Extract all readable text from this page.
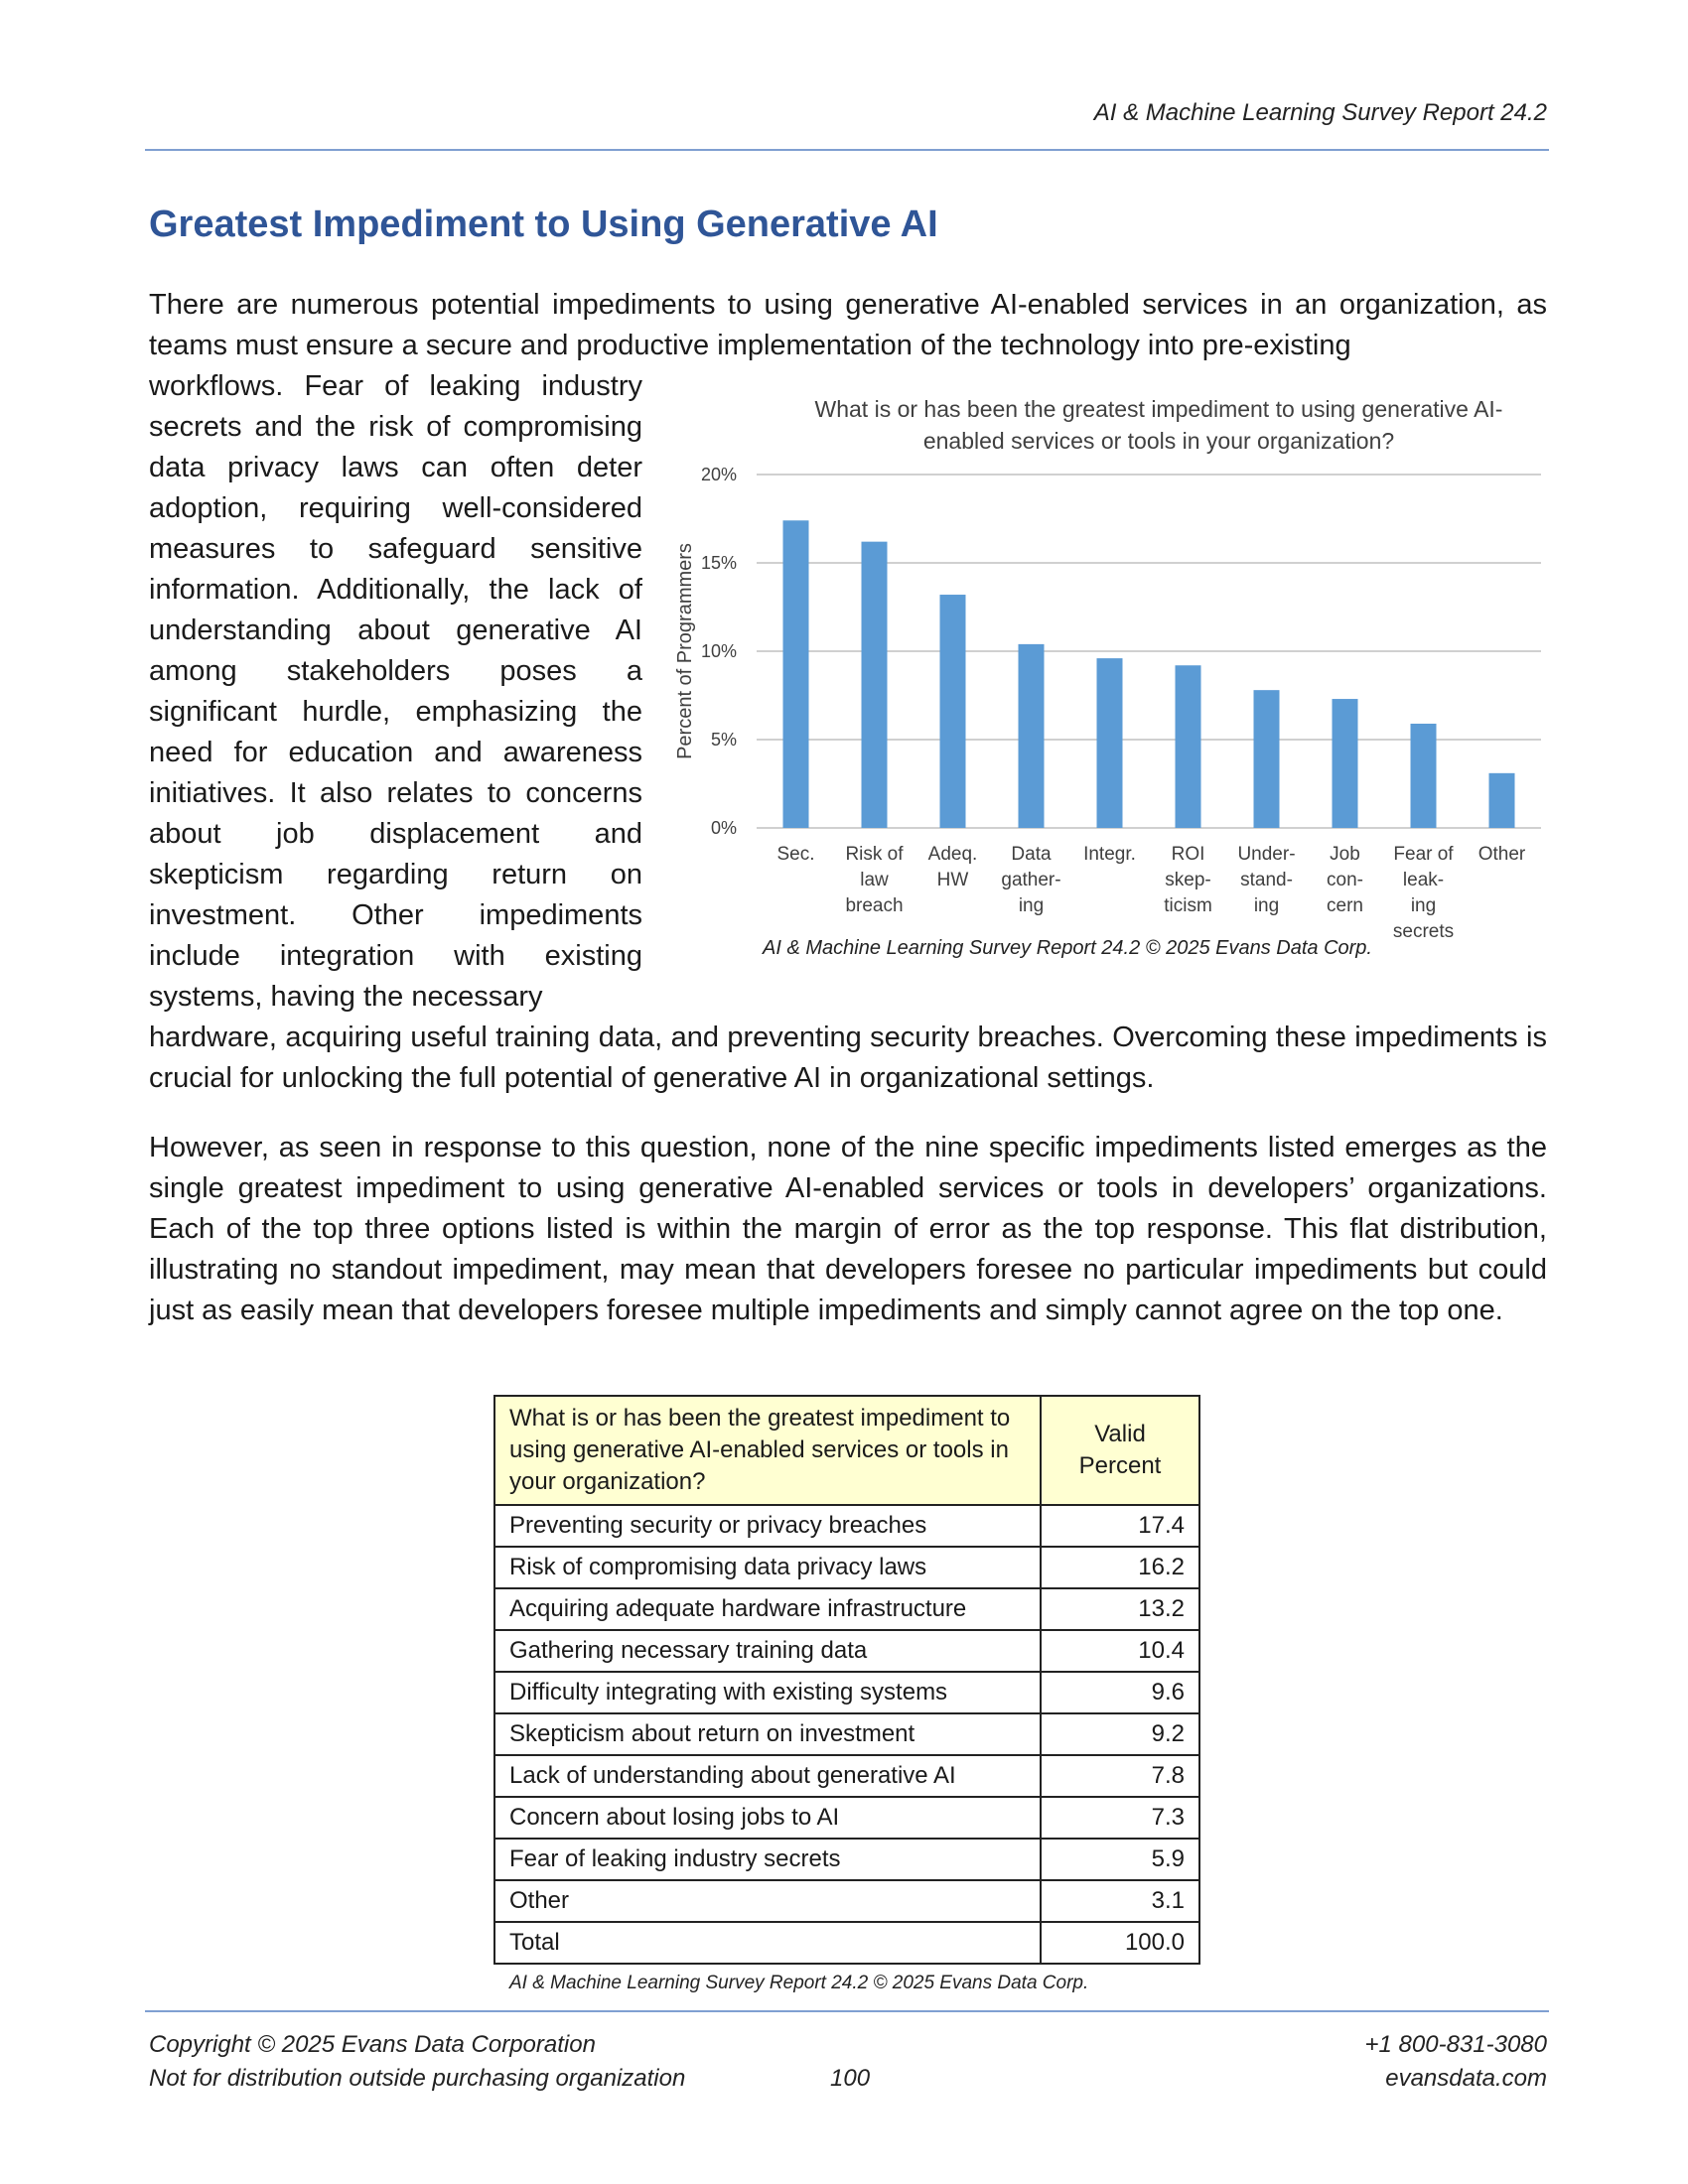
AI & Machine Learning Survey Report 24.2
Greatest Impediment to Using Generative AI

There are numerous potential impediments to using generative AI-enabled services in an organization, as teams must ensure a secure and productive implementation of the technology into pre-existing

workflows. Fear of leaking industry secrets and the risk of compromising data privacy laws can often deter adoption, requiring well-considered measures to safeguard sensitive information. Additionally, the lack of understanding about generative AI among stakeholders poses a significant hurdle, emphasizing the need for education and awareness initiatives. It also relates to concerns about job displacement and skepticism regarding return on investment. Other impediments include integration with existing systems, having the necessary

hardware, acquiring useful training data, and preventing security breaches. Overcoming these impediments is crucial for unlocking the full potential of generative AI in organizational settings.

What is or has been the greatest impediment to using generative AI-
enabled services or tools in your organization?
0%
5%
10%
15%
20%
Percent of Programmers
Sec. Risk of
law
breach
Adeq.
HW
Data
gather-
ing
Integr. ROI
skep-
ticism
Under-
stand-
ing
Job
con-
cern
Fear of
leak-
ing
secrets
Other
AI & Machine Learning Survey Report 24.2 © 2025 Evans Data Corp.

However, as seen in response to this question, none of the nine specific impediments listed emerges as the single greatest impediment to using generative AI-enabled services or tools in developers’ organizations. Each of the top three options listed is within the margin of error as the top response. This flat distribution, illustrating no standout impediment, may mean that developers foresee no particular impediments but could just as easily mean that developers foresee multiple impediments and simply cannot agree on the top one.

What is or has been the greatest impediment to using generative AI-enabled services or tools in your organization?	Valid Percent
Preventing security or privacy breaches	17.4
Risk of compromising data privacy laws	16.2
Acquiring adequate hardware infrastructure	13.2
Gathering necessary training data	10.4
Difficulty integrating with existing systems	9.6
Skepticism about return on investment	9.2
Lack of understanding about generative AI	7.8
Concern about losing jobs to AI	7.3
Fear of leaking industry secrets	5.9
Other	3.1
Total	100.0
AI & Machine Learning Survey Report 24.2 © 2025 Evans Data Corp.
Copyright © 2025 Evans Data Corporation
Not for distribution outside purchasing organization	100
+1 800-831-3080
evansdata.com
